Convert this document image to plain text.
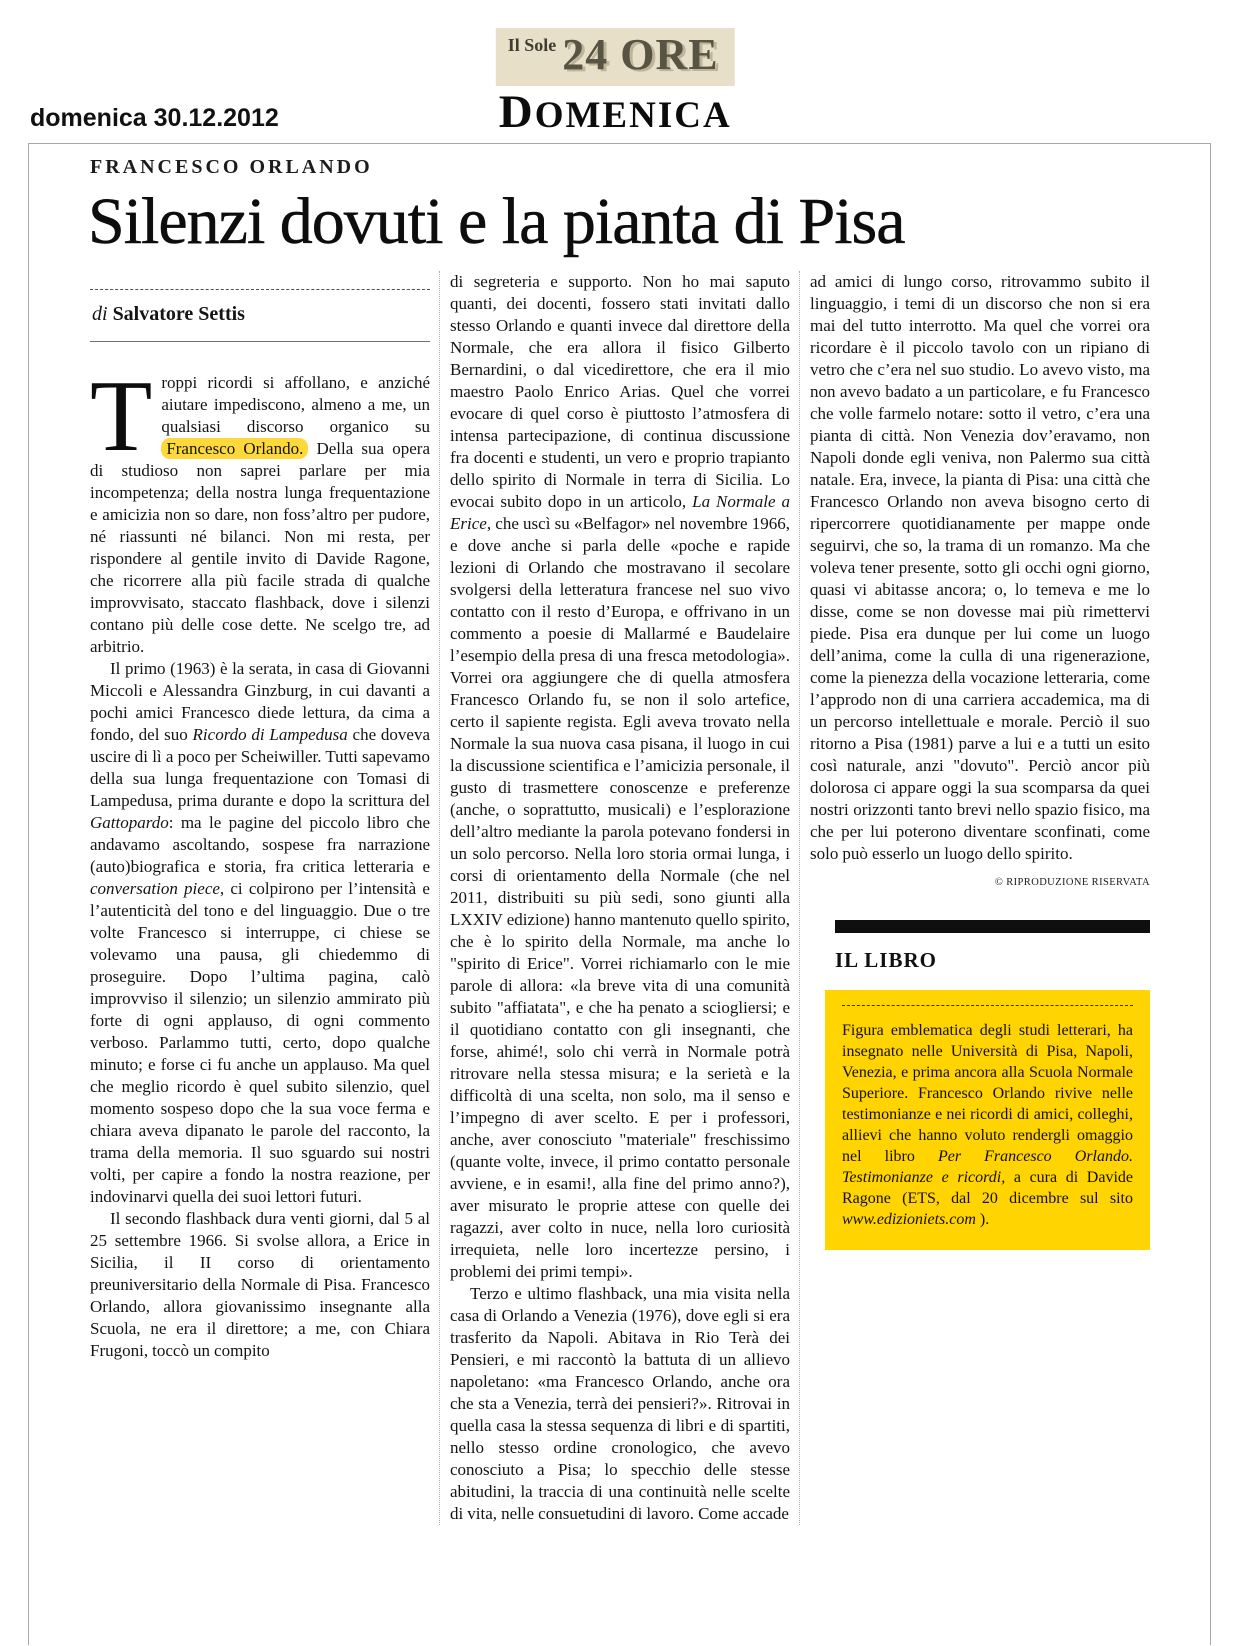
domenica 30.12.2012
Il Sole 24 ORE
DOMENICA
FRANCESCO ORLANDO
Silenzi dovuti e la pianta di Pisa
di Salvatore Settis

Troppi ricordi si affollano, e anziché aiutare impediscono, almeno a me, un qualsiasi discorso organico su Francesco Orlando. Della sua opera di studioso non saprei parlare per mia incompetenza; della nostra lunga frequentazione e amicizia non so dare, non foss’altro per pudore, né riassunti né bilanci. Non mi resta, per rispondere al gentile invito di Davide Ragone, che ricorrere alla più facile strada di qualche improvvisato, staccato flashback, dove i silenzi contano più delle cose dette. Ne scelgo tre, ad arbitrio.

Il primo (1963) è la serata, in casa di Giovanni Miccoli e Alessandra Ginzburg, in cui davanti a pochi amici Francesco diede lettura, da cima a fondo, del suo Ricordo di Lampedusa che doveva uscire di lì a poco per Scheiwiller. Tutti sapevamo della sua lunga frequentazione con Tomasi di Lampedusa, prima durante e dopo la scrittura del Gattopardo: ma le pagine del piccolo libro che andavamo ascoltando, sospese fra narrazione (auto)biografica e storia, fra critica letteraria e conversation piece, ci colpirono per l’intensità e l’autenticità del tono e del linguaggio. Due o tre volte Francesco si interruppe, ci chiese se volevamo una pausa, gli chiedemmo di proseguire. Dopo l’ultima pagina, calò improvviso il silenzio; un silenzio ammirato più forte di ogni applauso, di ogni commento verboso. Parlammo tutti, certo, dopo qualche minuto; e forse ci fu anche un applauso. Ma quel che meglio ricordo è quel subito silenzio, quel momento sospeso dopo che la sua voce ferma e chiara aveva dipanato le parole del racconto, la trama della memoria. Il suo sguardo sui nostri volti, per capire a fondo la nostra reazione, per indovinarvi quella dei suoi lettori futuri.

Il secondo flashback dura venti giorni, dal 5 al 25 settembre 1966. Si svolse allora, a Erice in Sicilia, il II corso di orientamento preuniversitario della Normale di Pisa. Francesco Orlando, allora giovanissimo insegnante alla Scuola, ne era il direttore; a me, con Chiara Frugoni, toccò un compito

di segreteria e supporto. Non ho mai saputo quanti, dei docenti, fossero stati invitati dallo stesso Orlando e quanti invece dal direttore della Normale, che era allora il fisico Gilberto Bernardini, o dal vicedirettore, che era il mio maestro Paolo Enrico Arias. Quel che vorrei evocare di quel corso è piuttosto l’atmosfera di intensa partecipazione, di continua discussione fra docenti e studenti, un vero e proprio trapianto dello spirito di Normale in terra di Sicilia. Lo evocai subito dopo in un articolo, La Normale a Erice, che uscì su «Belfagor» nel novembre 1966, e dove anche si parla delle «poche e rapide lezioni di Orlando che mostravano il secolare svolgersi della letteratura francese nel suo vivo contatto con il resto d’Europa, e offrivano in un commento a poesie di Mallarmé e Baudelaire l’esempio della presa di una fresca metodologia». Vorrei ora aggiungere che di quella atmosfera Francesco Orlando fu, se non il solo artefice, certo il sapiente regista. Egli aveva trovato nella Normale la sua nuova casa pisana, il luogo in cui la discussione scientifica e l’amicizia personale, il gusto di trasmettere conoscenze e preferenze (anche, o soprattutto, musicali) e l’esplorazione dell’altro mediante la parola potevano fondersi in un solo percorso. Nella loro storia ormai lunga, i corsi di orientamento della Normale (che nel 2011, distribuiti su più sedi, sono giunti alla LXXIV edizione) hanno mantenuto quello spirito, che è lo spirito della Normale, ma anche lo "spirito di Erice". Vorrei richiamarlo con le mie parole di allora: «la breve vita di una comunità subito "affiatata", e che ha penato a sciogliersi; e il quotidiano contatto con gli insegnanti, che forse, ahimé!, solo chi verrà in Normale potrà ritrovare nella stessa misura; e la serietà e la difficoltà di una scelta, non solo, ma il senso e l’impegno di aver scelto. E per i professori, anche, aver conosciuto "materiale" freschissimo (quante volte, invece, il primo contatto personale avviene, e in esami!, alla fine del primo anno?), aver misurato le proprie attese con quelle dei ragazzi, aver colto in nuce, nella loro curiosità irrequieta, nelle loro incertezze persino, i problemi dei primi tempi».

Terzo e ultimo flashback, una mia visita nella casa di Orlando a Venezia (1976), dove egli si era trasferito da Napoli. Abitava in Rio Terà dei Pensieri, e mi raccontò la battuta di un allievo napoletano: «ma Francesco Orlando, anche ora che sta a Venezia, terrà dei pensieri?». Ritrovai in quella casa la stessa sequenza di libri e di spartiti, nello stesso ordine cronologico, che avevo conosciuto a Pisa; lo specchio delle stesse abitudini, la traccia di una continuità nelle scelte di vita, nelle consuetudini di lavoro. Come accade

ad amici di lungo corso, ritrovammo subito il linguaggio, i temi di un discorso che non si era mai del tutto interrotto. Ma quel che vorrei ora ricordare è il piccolo tavolo con un ripiano di vetro che c’era nel suo studio. Lo avevo visto, ma non avevo badato a un particolare, e fu Francesco che volle farmelo notare: sotto il vetro, c’era una pianta di città. Non Venezia dov’eravamo, non Napoli donde egli veniva, non Palermo sua città natale. Era, invece, la pianta di Pisa: una città che Francesco Orlando non aveva bisogno certo di ripercorrere quotidianamente per mappe onde seguirvi, che so, la trama di un romanzo. Ma che voleva tener presente, sotto gli occhi ogni giorno, quasi vi abitasse ancora; o, lo temeva e me lo disse, come se non dovesse mai più rimettervi piede. Pisa era dunque per lui come un luogo dell’anima, come la culla di una rigenerazione, come la pienezza della vocazione letteraria, come l’approdo non di una carriera accademica, ma di un percorso intellettuale e morale. Perciò il suo ritorno a Pisa (1981) parve a lui e a tutti un esito così naturale, anzi "dovuto". Perciò ancor più dolorosa ci appare oggi la sua scomparsa da quei nostri orizzonti tanto brevi nello spazio fisico, ma che per lui poterono diventare sconfinati, come solo può esserlo un luogo dello spirito.

© RIPRODUZIONE RISERVATA
IL LIBRO

Figura emblematica degli studi letterari, ha insegnato nelle Università di Pisa, Napoli, Venezia, e prima ancora alla Scuola Normale Superiore. Francesco Orlando rivive nelle testimonianze e nei ricordi di amici, colleghi, allievi che hanno voluto rendergli omaggio nel libro Per Francesco Orlando. Testimonianze e ricordi, a cura di Davide Ragone (ETS, dal 20 dicembre sul sito www.edizioniets.com ).
